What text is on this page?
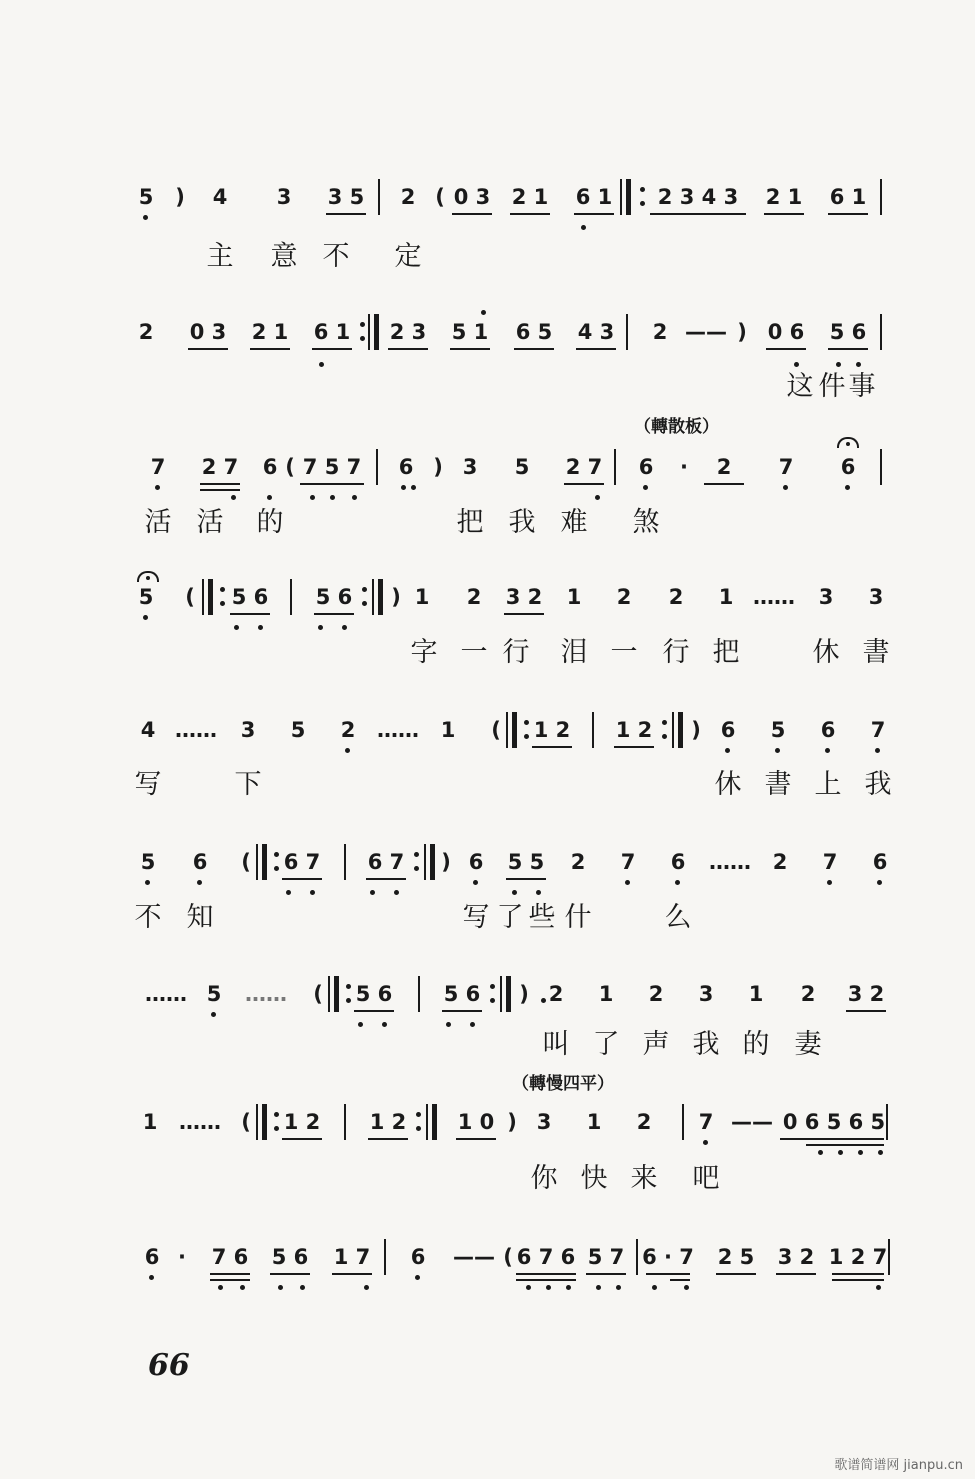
5 ) 4 3 3 5 2 ( 0 3 2 1 6 1 2 3 4 3 2 1 6 1
主 意 不 定
2 0 3 2 1 6 1 2 3 5 1 6 5 4 3 2 —— ) 0 6 5 6
这 件 事
（轉散板）
7 2 7 6 ( 7 5 7 6 ) 3 5 2 7 6 · 2 7 6
活 活 的	把 我 难 煞
5 ( 5 6 5 6 ) 1 2 3 2 1 2 2 1 …… 3 3
字 一 行 泪 一 行 把	休 書
4 …… 3 5 2 …… 1 ( 1 2 1 2 ) 6 5 6 7
写	下	休 書 上 我
5 6 ( 6 7 6 7 ) 6 5 5 2 7 6 …… 2 7 6
不 知	写 了 些 什	么
…… 5 …… ( 5 6 5 6 ) 2 1 2 3 1 2 3 2
叫 了 声 我 的 妻
（轉慢四平）
1 …… ( 1 2 1 2 1 0 ) 3 1 2 7 —— 0 6 5 6 5
你 快 来 吧
6 · 7 6 5 6 1 7 6 —— ( 6 7 6 5 7 6 · 7 2 5 3 2 1 2 7
66
歌谱简谱网 jianpu.cn
